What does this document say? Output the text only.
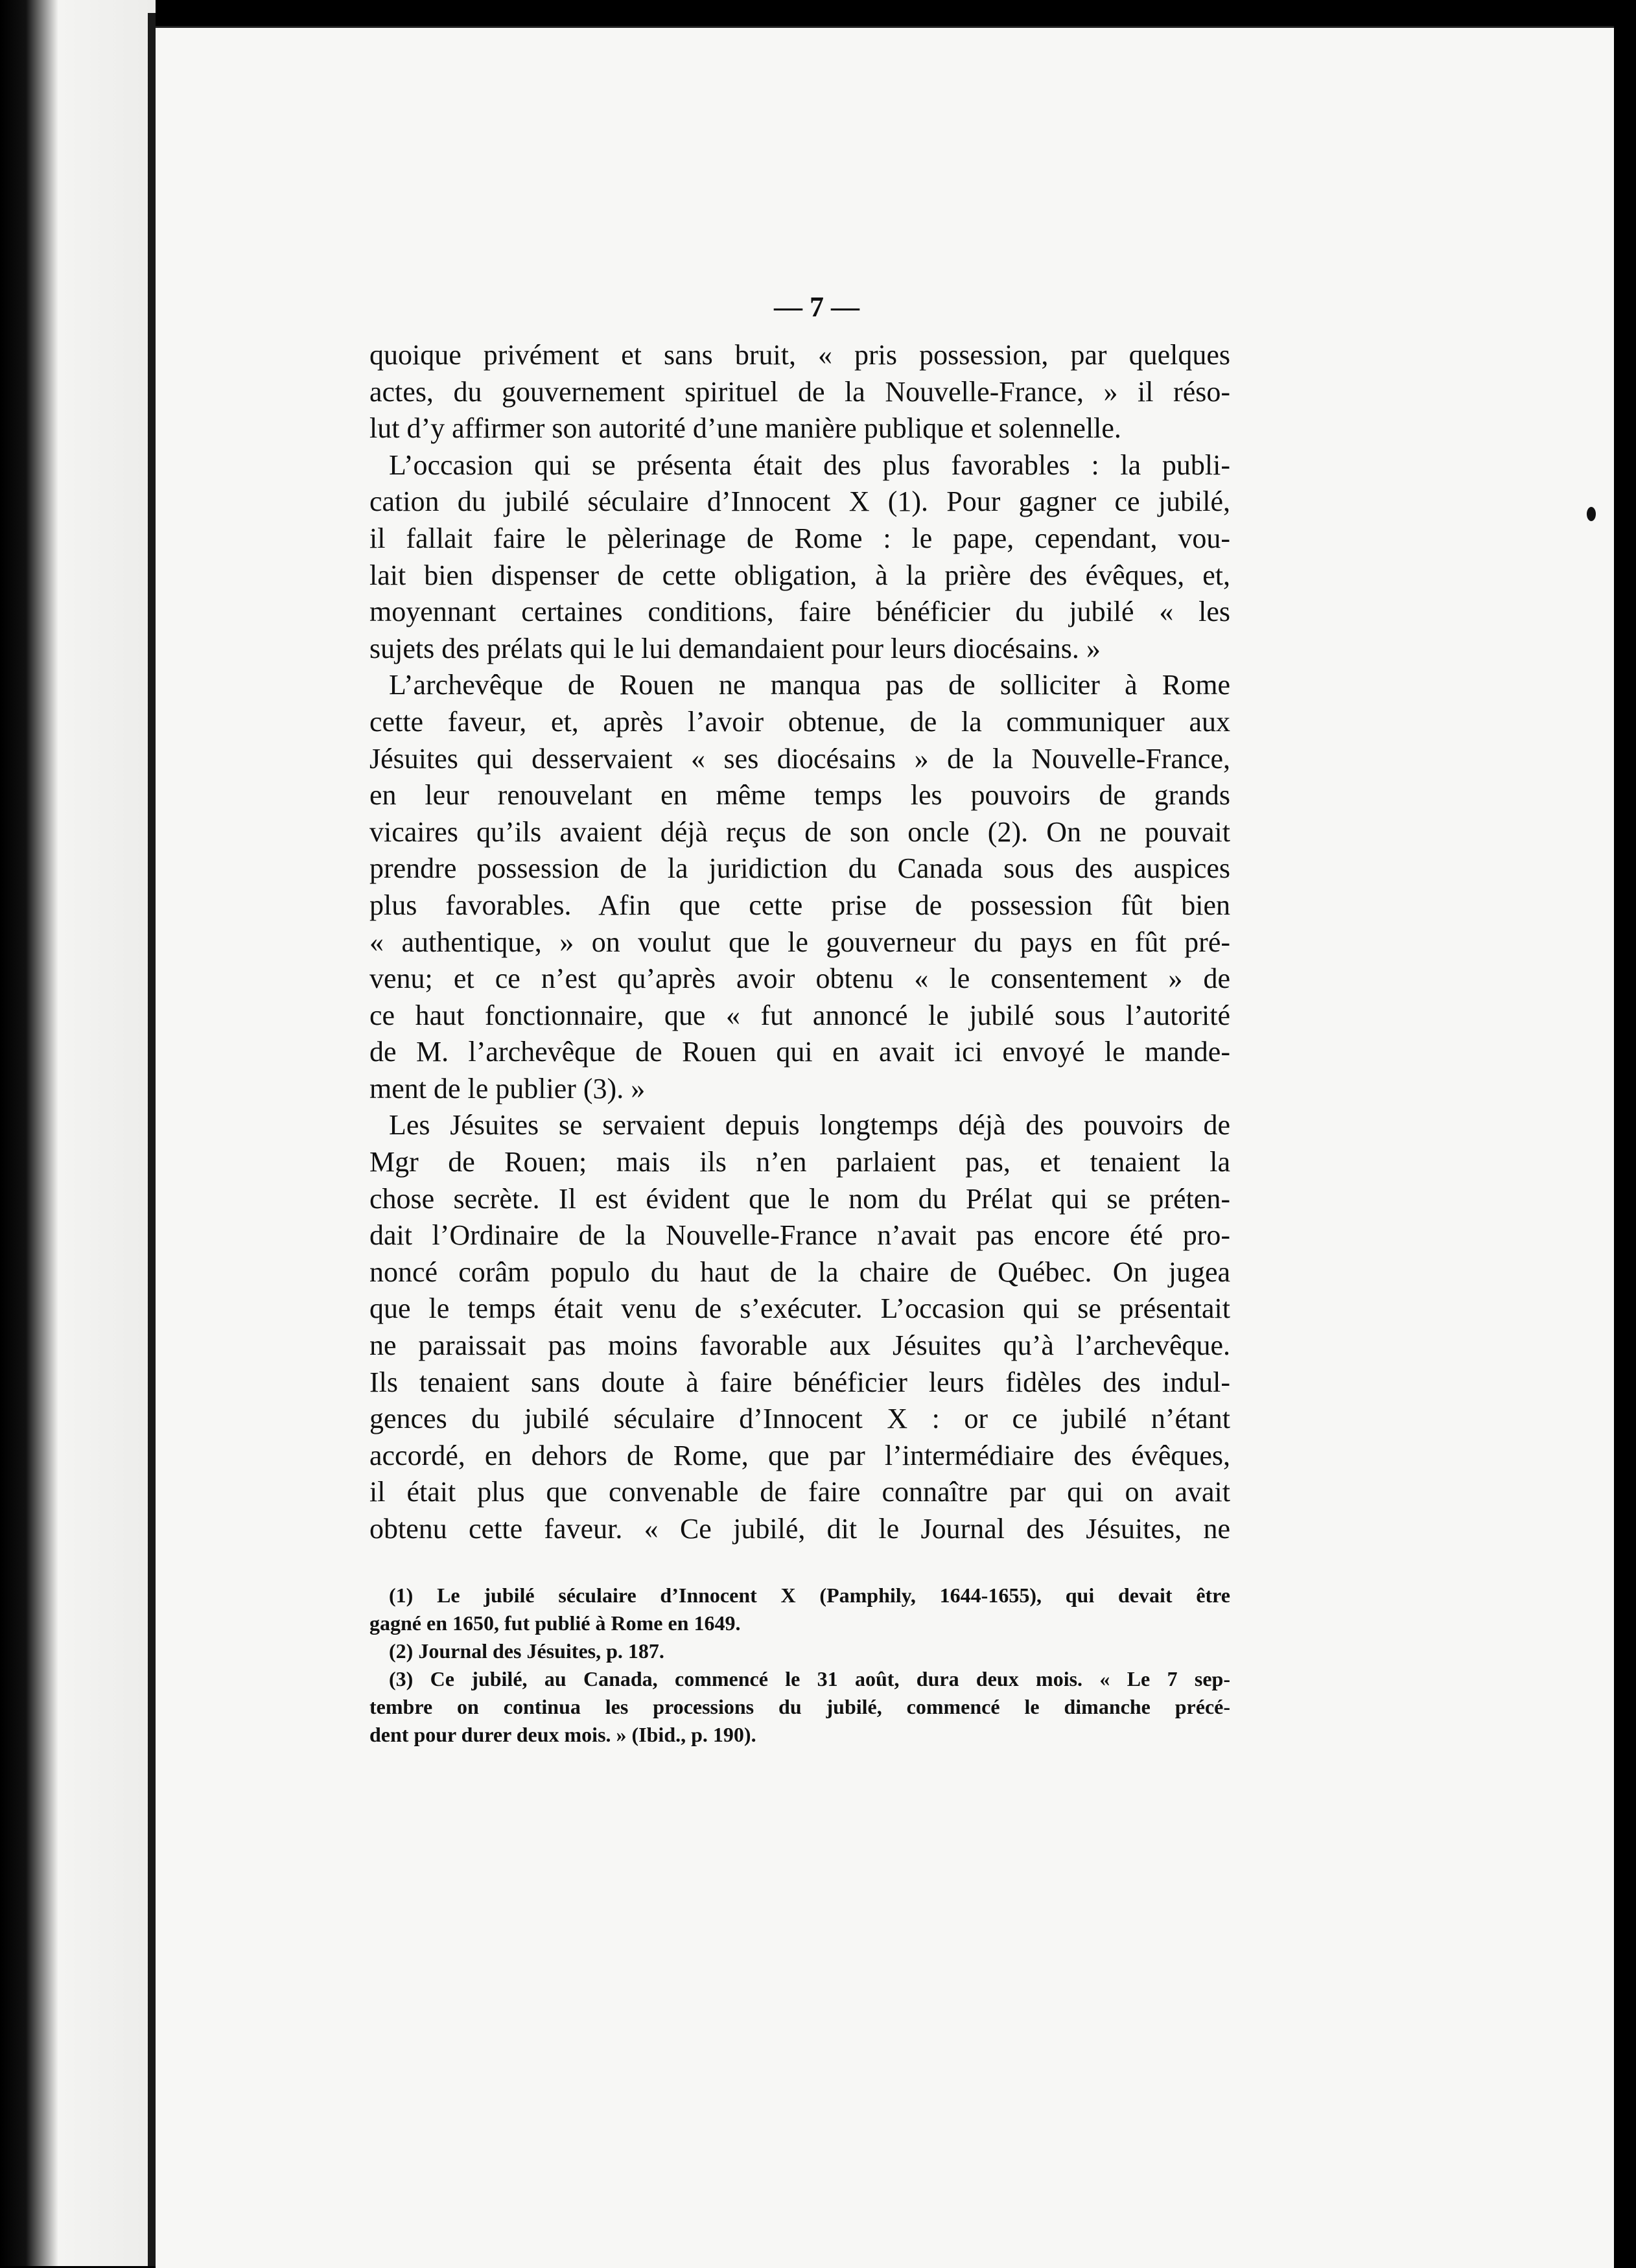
— 7 —
quoique privément et sans bruit, « pris possession, par quelques
actes, du gouvernement spirituel de la Nouvelle-France, » il réso-
lut d’y affirmer son autorité d’une manière publique et solennelle.
L’occasion qui se présenta était des plus favorables : la publi-
cation du jubilé séculaire d’Innocent X (1). Pour gagner ce jubilé,
il fallait faire le pèlerinage de Rome : le pape, cependant, vou-
lait bien dispenser de cette obligation, à la prière des évêques, et,
moyennant certaines conditions, faire bénéficier du jubilé « les
sujets des prélats qui le lui demandaient pour leurs diocésains. »
L’archevêque de Rouen ne manqua pas de solliciter à Rome
cette faveur, et, après l’avoir obtenue, de la communiquer aux
Jésuites qui desservaient « ses diocésains » de la Nouvelle-France,
en leur renouvelant en même temps les pouvoirs de grands
vicaires qu’ils avaient déjà reçus de son oncle (2). On ne pouvait
prendre possession de la juridiction du Canada sous des auspices
plus favorables. Afin que cette prise de possession fût bien
« authentique, » on voulut que le gouverneur du pays en fût pré-
venu; et ce n’est qu’après avoir obtenu « le consentement » de
ce haut fonctionnaire, que « fut annoncé le jubilé sous l’autorité
de M. l’archevêque de Rouen qui en avait ici envoyé le mande-
ment de le publier (3). »
Les Jésuites se servaient depuis longtemps déjà des pouvoirs de
Mgr de Rouen; mais ils n’en parlaient pas, et tenaient la
chose secrète. Il est évident que le nom du Prélat qui se préten-
dait l’Ordinaire de la Nouvelle-France n’avait pas encore été pro-
noncé corâm populo du haut de la chaire de Québec. On jugea
que le temps était venu de s’exécuter. L’occasion qui se présentait
ne paraissait pas moins favorable aux Jésuites qu’à l’archevêque.
Ils tenaient sans doute à faire bénéficier leurs fidèles des indul-
gences du jubilé séculaire d’Innocent X : or ce jubilé n’étant
accordé, en dehors de Rome, que par l’intermédiaire des évêques,
il était plus que convenable de faire connaître par qui on avait
obtenu cette faveur. « Ce jubilé, dit le Journal des Jésuites, ne
(1) Le jubilé séculaire d’Innocent X (Pamphily, 1644-1655), qui devait être
gagné en 1650, fut publié à Rome en 1649.
(2) Journal des Jésuites, p. 187.
(3) Ce jubilé, au Canada, commencé le 31 août, dura deux mois. « Le 7 sep-
tembre on continua les processions du jubilé, commencé le dimanche précé-
dent pour durer deux mois. » (Ibid., p. 190).
